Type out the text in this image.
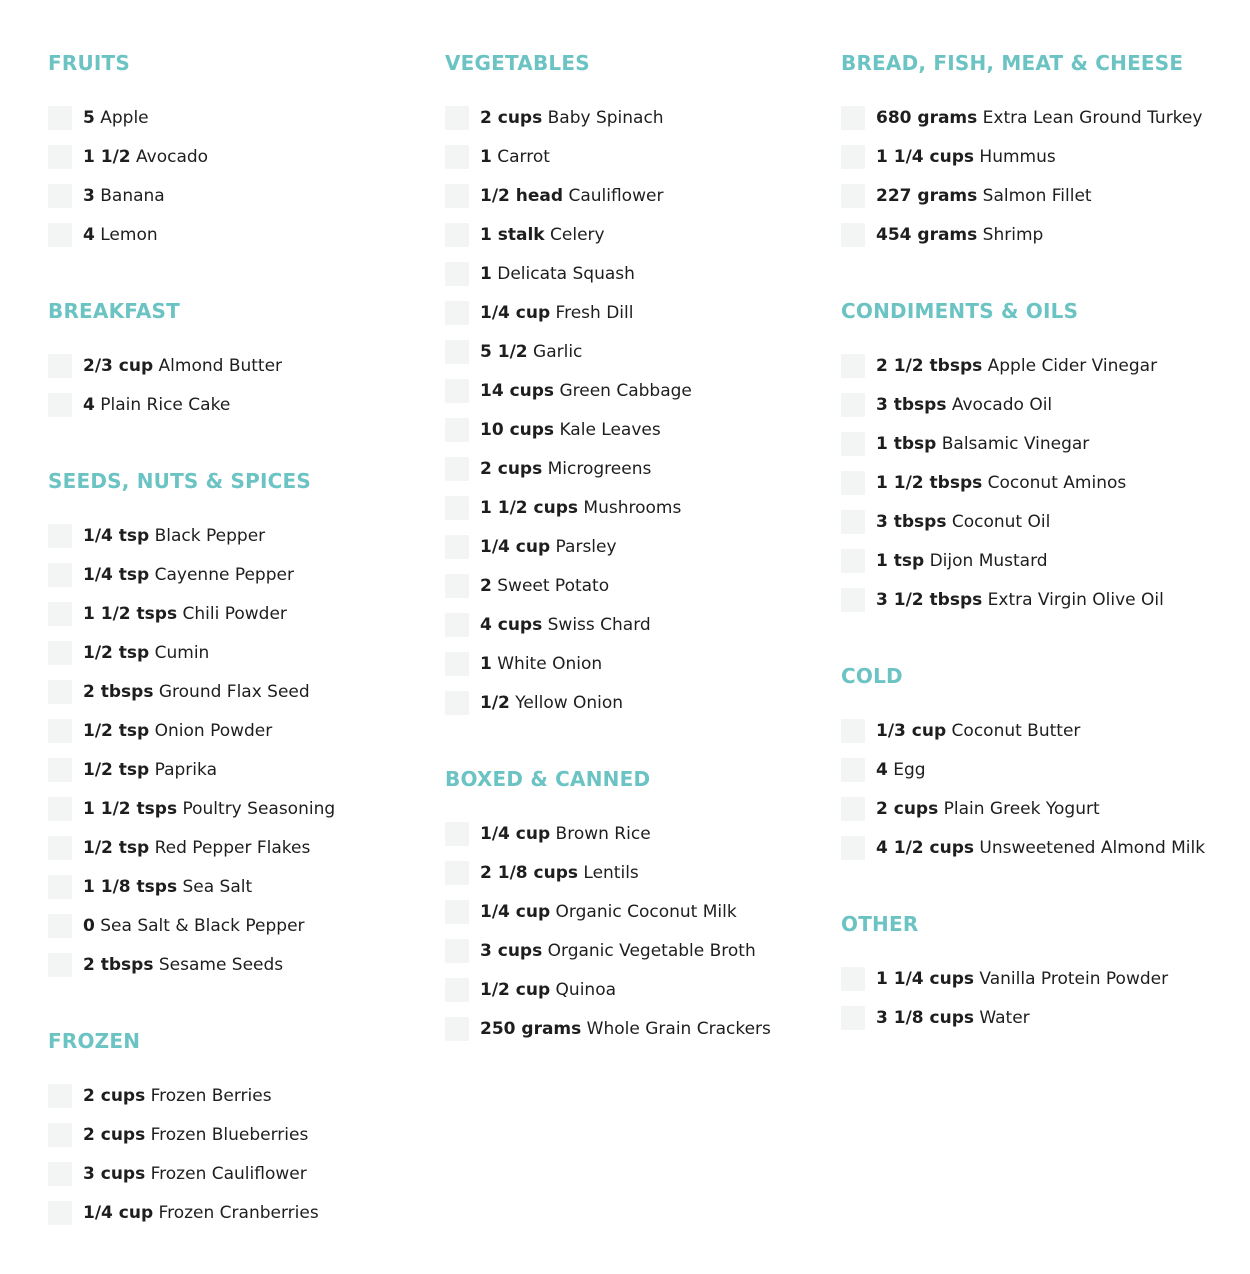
FRUITS
5 Apple
1 1/2 Avocado
3 Banana
4 Lemon
BREAKFAST
2/3 cup Almond Butter
4 Plain Rice Cake
SEEDS, NUTS & SPICES
1/4 tsp Black Pepper
1/4 tsp Cayenne Pepper
1 1/2 tsps Chili Powder
1/2 tsp Cumin
2 tbsps Ground Flax Seed
1/2 tsp Onion Powder
1/2 tsp Paprika
1 1/2 tsps Poultry Seasoning
1/2 tsp Red Pepper Flakes
1 1/8 tsps Sea Salt
0 Sea Salt & Black Pepper
2 tbsps Sesame Seeds
FROZEN
2 cups Frozen Berries
2 cups Frozen Blueberries
3 cups Frozen Cauliflower
1/4 cup Frozen Cranberries
VEGETABLES
2 cups Baby Spinach
1 Carrot
1/2 head Cauliflower
1 stalk Celery
1 Delicata Squash
1/4 cup Fresh Dill
5 1/2 Garlic
14 cups Green Cabbage
10 cups Kale Leaves
2 cups Microgreens
1 1/2 cups Mushrooms
1/4 cup Parsley
2 Sweet Potato
4 cups Swiss Chard
1 White Onion
1/2 Yellow Onion
BOXED & CANNED
1/4 cup Brown Rice
2 1/8 cups Lentils
1/4 cup Organic Coconut Milk
3 cups Organic Vegetable Broth
1/2 cup Quinoa
250 grams Whole Grain Crackers
BREAD, FISH, MEAT & CHEESE
680 grams Extra Lean Ground Turkey
1 1/4 cups Hummus
227 grams Salmon Fillet
454 grams Shrimp
CONDIMENTS & OILS
2 1/2 tbsps Apple Cider Vinegar
3 tbsps Avocado Oil
1 tbsp Balsamic Vinegar
1 1/2 tbsps Coconut Aminos
3 tbsps Coconut Oil
1 tsp Dijon Mustard
3 1/2 tbsps Extra Virgin Olive Oil
COLD
1/3 cup Coconut Butter
4 Egg
2 cups Plain Greek Yogurt
4 1/2 cups Unsweetened Almond Milk
OTHER
1 1/4 cups Vanilla Protein Powder
3 1/8 cups Water
